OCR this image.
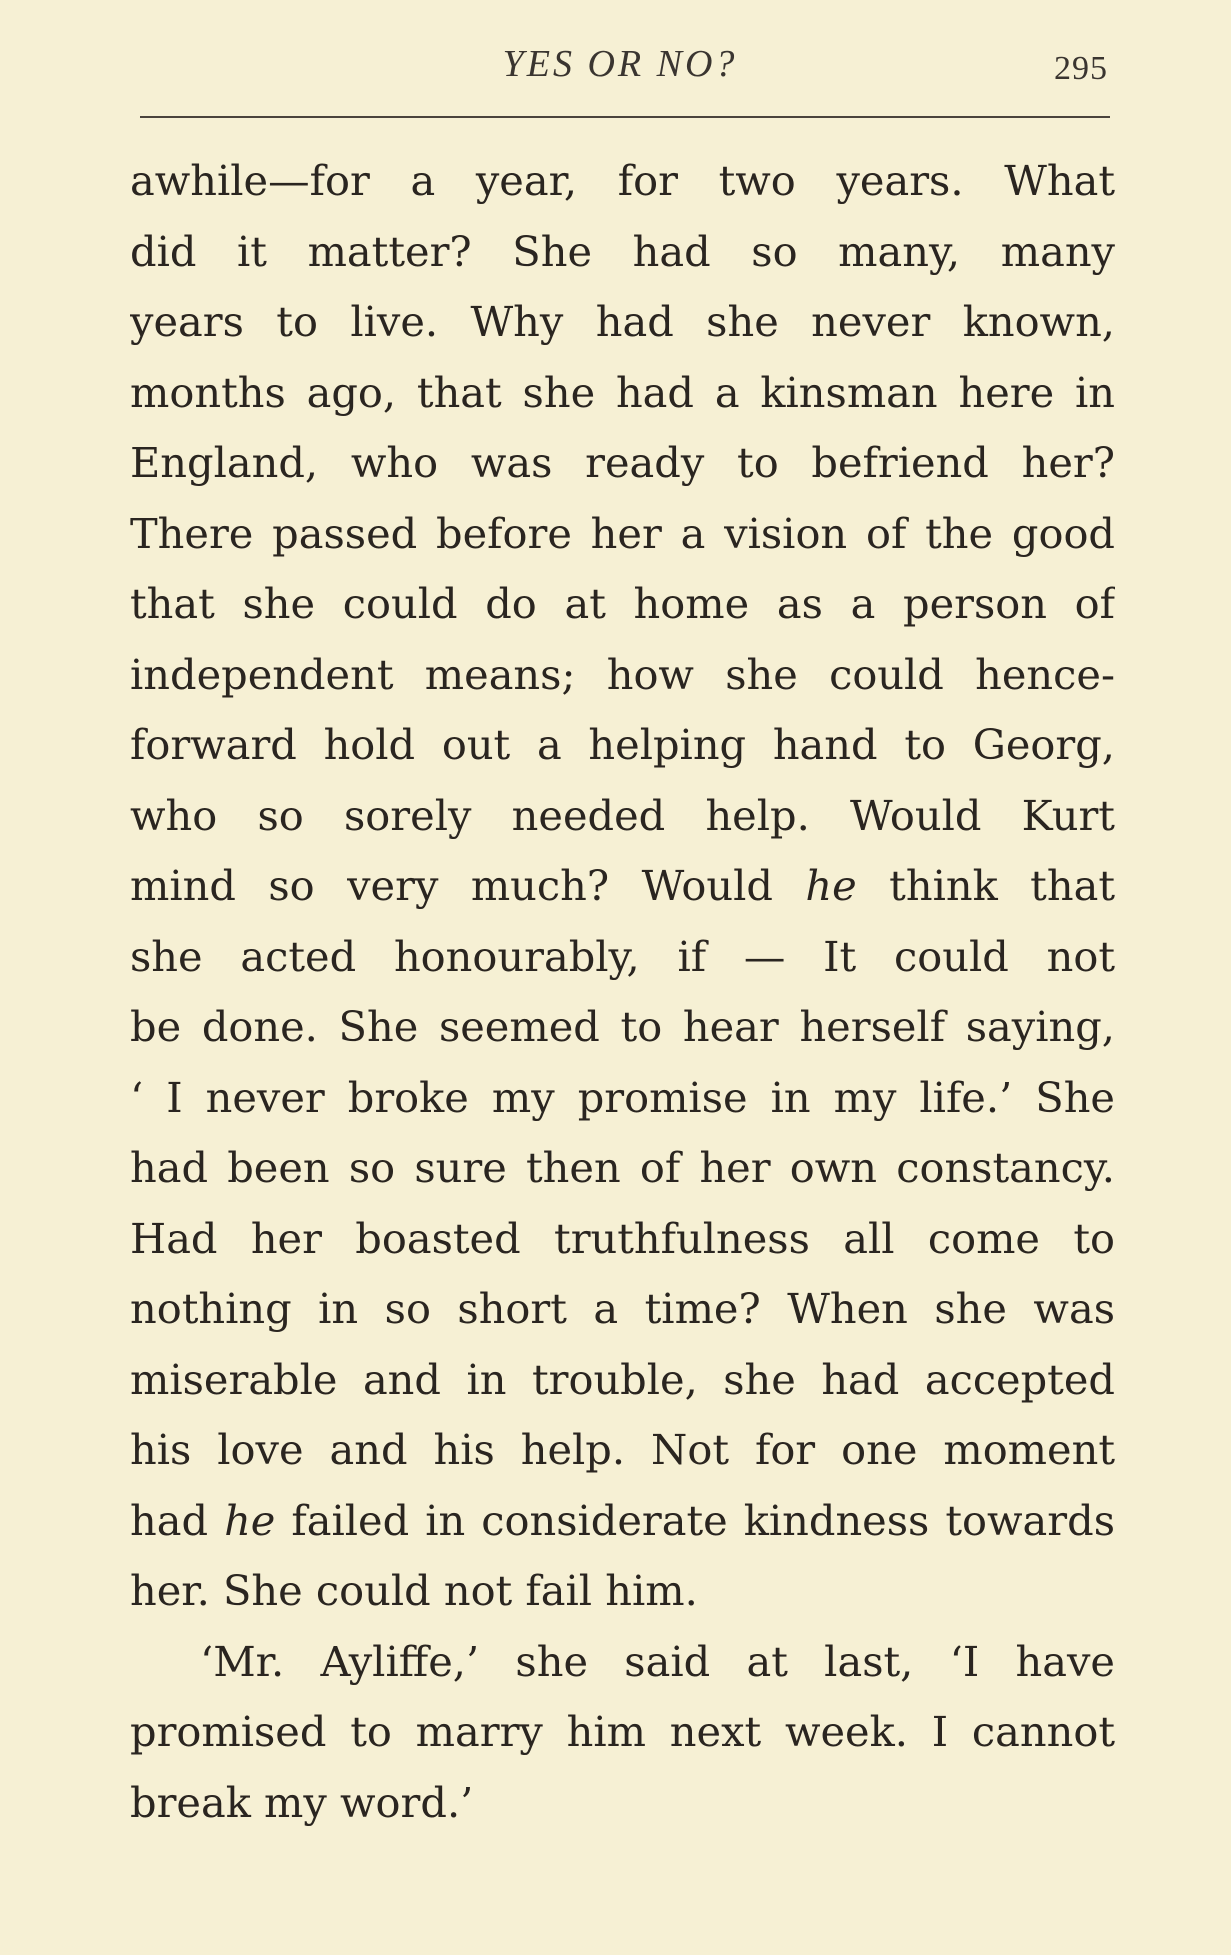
YES OR NO?	295
awhile—for a year, for two years. What
did it matter? She had so many, many
years to live. Why had she never known,
months ago, that she had a kinsman here in
England, who was ready to befriend her?
There passed before her a vision of the good
that she could do at home as a person of
independent means; how she could hence-
forward hold out a helping hand to Georg,
who so sorely needed help. Would Kurt
mind so very much? Would he think that
she acted honourably, if — It could not
be done. She seemed to hear herself saying,
‘ I never broke my promise in my life.’ She
had been so sure then of her own constancy.
Had her boasted truthfulness all come to
nothing in so short a time? When she was
miserable and in trouble, she had accepted
his love and his help. Not for one moment
had he failed in considerate kindness towards
her. She could not fail him.
‘Mr. Ayliffe,’ she said at last, ‘I have
promised to marry him next week. I cannot
break my word.’
